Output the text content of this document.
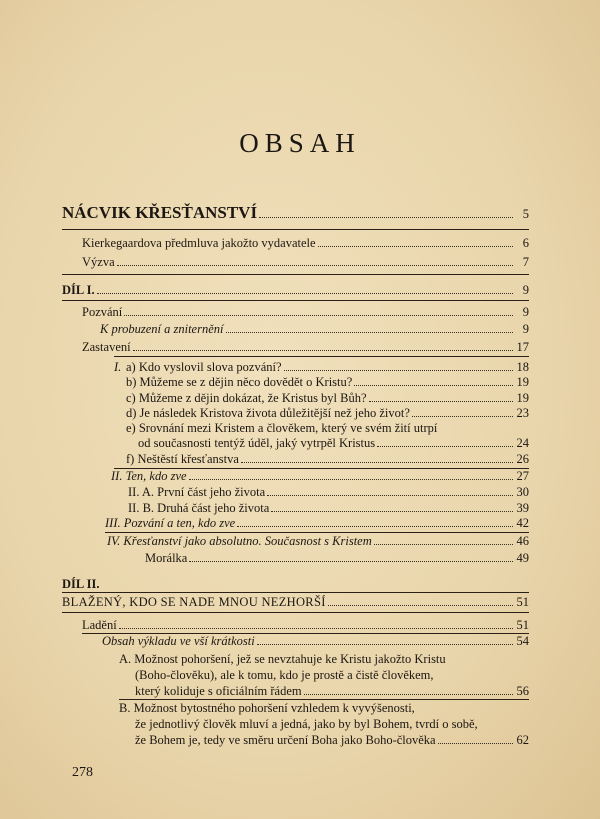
OBSAH
NÁCVIK KŘESŤANSTVÍ	5
Kierkegaardova předmluva jakožto vydavatele	6
Výzva	7
DÍL I.	9
Pozvání	9
K probuzení a zniternění	9
Zastavení	17
I. a) Kdo vyslovil slova pozvání?	18
b) Můžeme se z dějin něco dovědět o Kristu?	19
c) Můžeme z dějin dokázat, že Kristus byl Bůh?	19
d) Je následek Kristova života důležitější než jeho život?	23
e) Srovnání mezi Kristem a člověkem, který ve svém žití utrpí
od současnosti tentýž úděl, jaký vytrpěl Kristus	24
f) Neštěstí křesťanstva	26
II. Ten, kdo zve	27
II. A. První část jeho života	30
II. B. Druhá část jeho života	39
III. Pozvání a ten, kdo zve	42
IV. Křesťanství jako absolutno. Současnost s Kristem	46
Morálka	49
DÍL II.
BLAŽENÝ, KDO SE NADE MNOU NEZHORŠÍ	51
Ladění	51
Obsah výkladu ve vší krátkosti	54
A. Možnost pohoršení, jež se nevztahuje ke Kristu jakožto Kristu
(Boho-člověku), ale k tomu, kdo je prostě a čistě člověkem,
který koliduje s oficiálním řádem	56
B. Možnost bytostného pohoršení vzhledem k vyvýšenosti,
že jednotlivý člověk mluví a jedná, jako by byl Bohem, tvrdí o sobě,
že Bohem je, tedy ve směru určení Boha jako Boho-člověka	62
278
